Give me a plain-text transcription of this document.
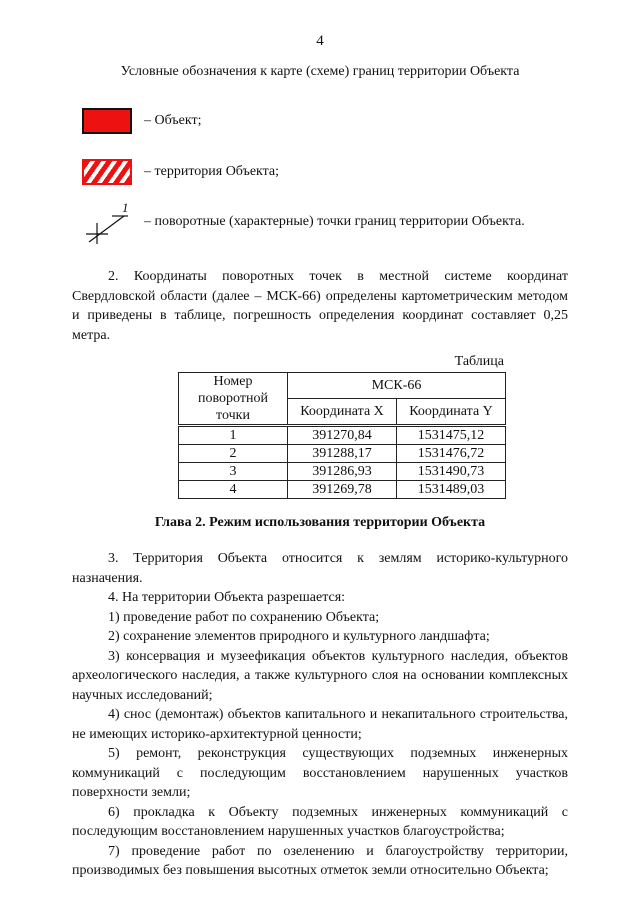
4
Условные обозначения к карте (схеме) границ территории Объекта
– Объект;
– территория Объекта;
1
– поворотные (характерные) точки границ территории Объекта.
2. Координаты поворотных точек в местной системе координат Свердловской области (далее – МСК-66) определены картометрическим методом и приведены в таблице, погрешность определения координат составляет 0,25 метра.
Таблица
Номер поворотной точки	МСК-66	
	Координата X	Координата Y
1	391270,84	1531475,12
2	391288,17	1531476,72
3	391286,93	1531490,73
4	391269,78	1531489,03
Глава 2. Режим использования территории Объекта
3. Территория Объекта относится к землям историко-культурного назначения.
4. На территории Объекта разрешается:
1) проведение работ по сохранению Объекта;
2) сохранение элементов природного и культурного ландшафта;
3) консервация и музеефикация объектов культурного наследия, объектов археологического наследия, а также культурного слоя на основании комплексных научных исследований;
4) снос (демонтаж) объектов капитального и некапитального строительства, не имеющих историко-архитектурной ценности;
5) ремонт, реконструкция существующих подземных инженерных коммуникаций с последующим восстановлением нарушенных участков поверхности земли;
6) прокладка к Объекту подземных инженерных коммуникаций с последующим восстановлением нарушенных участков благоустройства;
7) проведение работ по озеленению и благоустройству территории, производимых без повышения высотных отметок земли относительно Объекта;
